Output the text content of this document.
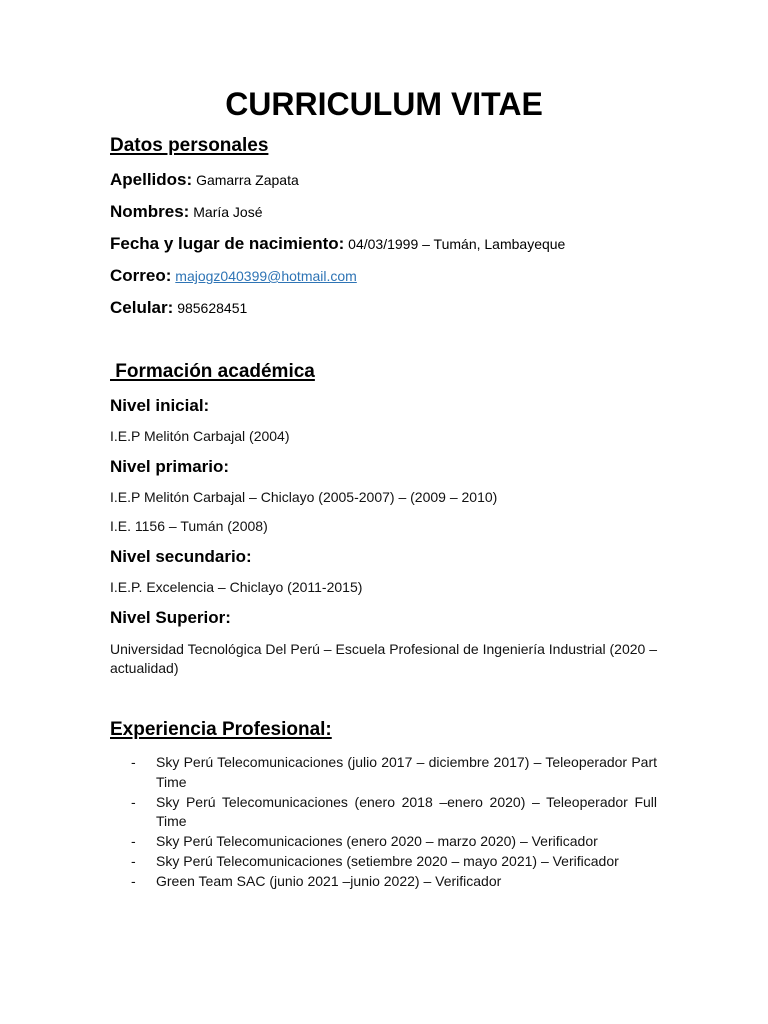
CURRICULUM VITAE
Datos personales
Apellidos: Gamarra Zapata
Nombres: María José
Fecha y lugar de nacimiento: 04/03/1999 – Tumán, Lambayeque
Correo: majogz040399@hotmail.com
Celular: 985628451
Formación académica
Nivel inicial:
I.E.P Melitón Carbajal (2004)
Nivel primario:
I.E.P Melitón Carbajal – Chiclayo (2005-2007) – (2009 – 2010)
I.E. 1156 – Tumán (2008)
Nivel secundario:
I.E.P. Excelencia – Chiclayo (2011-2015)
Nivel Superior:
Universidad Tecnológica Del Perú – Escuela Profesional de Ingeniería Industrial (2020 –actualidad)
Experiencia Profesional:
- Sky Perú Telecomunicaciones (julio 2017 – diciembre 2017) – Teleoperador Part Time
- Sky Perú Telecomunicaciones (enero 2018 –enero 2020) – Teleoperador Full Time
- Sky Perú Telecomunicaciones (enero 2020 – marzo 2020) – Verificador
- Sky Perú Telecomunicaciones (setiembre 2020 – mayo 2021) – Verificador
- Green Team SAC (junio 2021 –junio 2022) – Verificador
